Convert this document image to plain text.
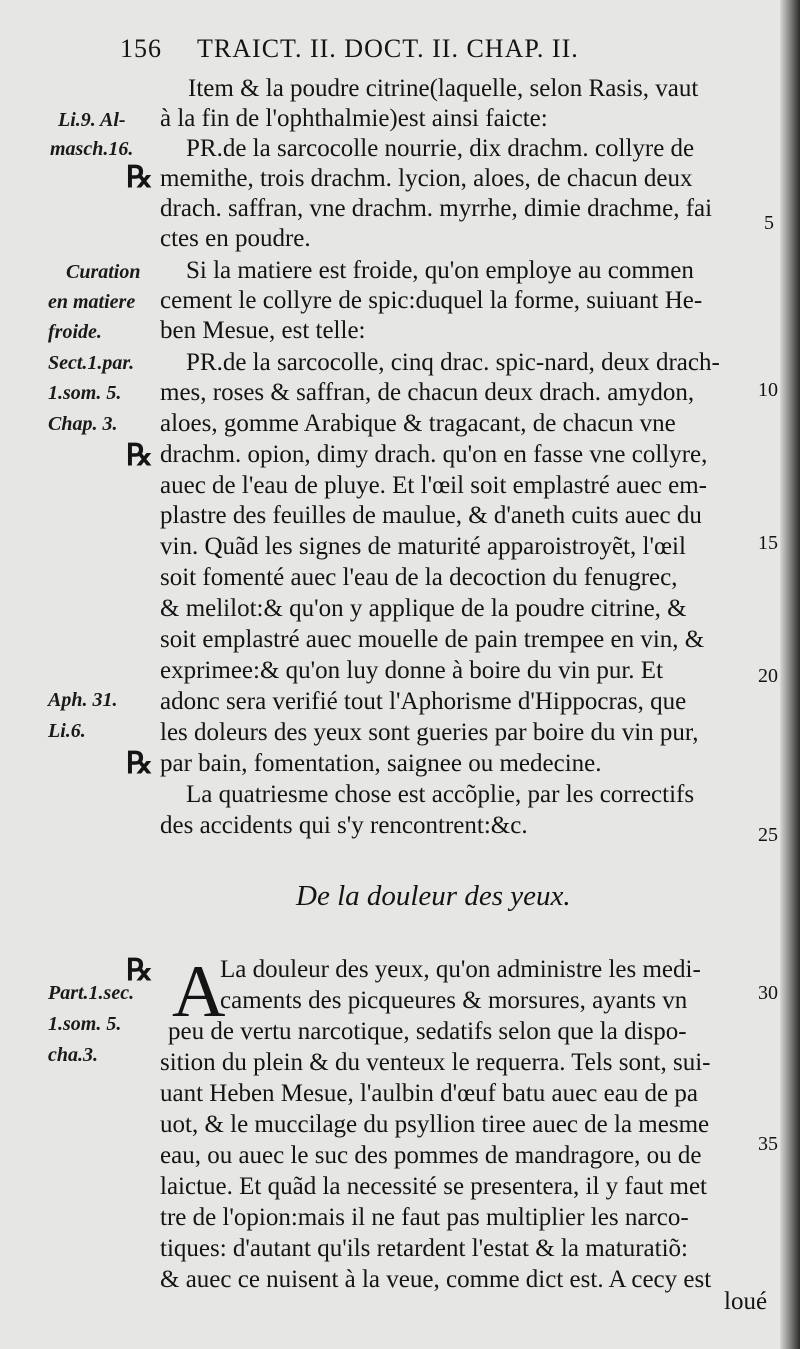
156 TRAICT. II. DOCT. II. CHAP. II.
Li.9. Al-
masch.16.
Curation
en matiere
froide.
Sect.1.par.
1.som. 5.
Chap. 3.
Aph. 31.
Li.6.
Part.1.sec.
1.som. 5.
cha.3.
℞
℞
℞
℞
5
10
15
20
25
30
35
Item & la poudre citrine(laquelle, selon Rasis, vaut
à la fin de l'ophthalmie)est ainsi faicte:
PR.de la sarcocolle nourrie, dix drachm. collyre de
memithe, trois drachm. lycion, aloes, de chacun deux
drach. saffran, vne drachm. myrrhe, dimie drachme, fai
ctes en poudre.
Si la matiere est froide, qu'on employe au commen
cement le collyre de spic:duquel la forme, suiuant He-
ben Mesue, est telle:
PR.de la sarcocolle, cinq drac. spic-nard, deux drach-
mes, roses & saffran, de chacun deux drach. amydon,
aloes, gomme Arabique & tragacant, de chacun vne
drachm. opion, dimy drach. qu'on en fasse vne collyre,
auec de l'eau de pluye. Et l'œil soit emplastré auec em-
plastre des feuilles de maulue, & d'aneth cuits auec du
vin. Quãd les signes de maturité apparoistroyẽt, l'œil
soit fomenté auec l'eau de la decoction du fenugrec,
& melilot:& qu'on y applique de la poudre citrine, &
soit emplastré auec mouelle de pain trempee en vin, &
exprimee:& qu'on luy donne à boire du vin pur. Et
adonc sera verifié tout l'Aphorisme d'Hippocras, que
les doleurs des yeux sont gueries par boire du vin pur,
par bain, fomentation, saignee ou medecine.
La quatriesme chose est accõplie, par les correctifs
des accidents qui s'y rencontrent:&c.
De la douleur des yeux.
A
La douleur des yeux, qu'on administre les medi-
caments des picqueures & morsures, ayants vn
peu de vertu narcotique, sedatifs selon que la dispo-
sition du plein & du venteux le requerra. Tels sont, sui-
uant Heben Mesue, l'aulbin d'œuf batu auec eau de pa
uot, & le muccilage du psyllion tiree auec de la mesme
eau, ou auec le suc des pommes de mandragore, ou de
laictue. Et quãd la necessité se presentera, il y faut met
tre de l'opion:mais il ne faut pas multiplier les narco-
tiques: d'autant qu'ils retardent l'estat & la maturatiõ:
& auec ce nuisent à la veue, comme dict est. A cecy est
loué
